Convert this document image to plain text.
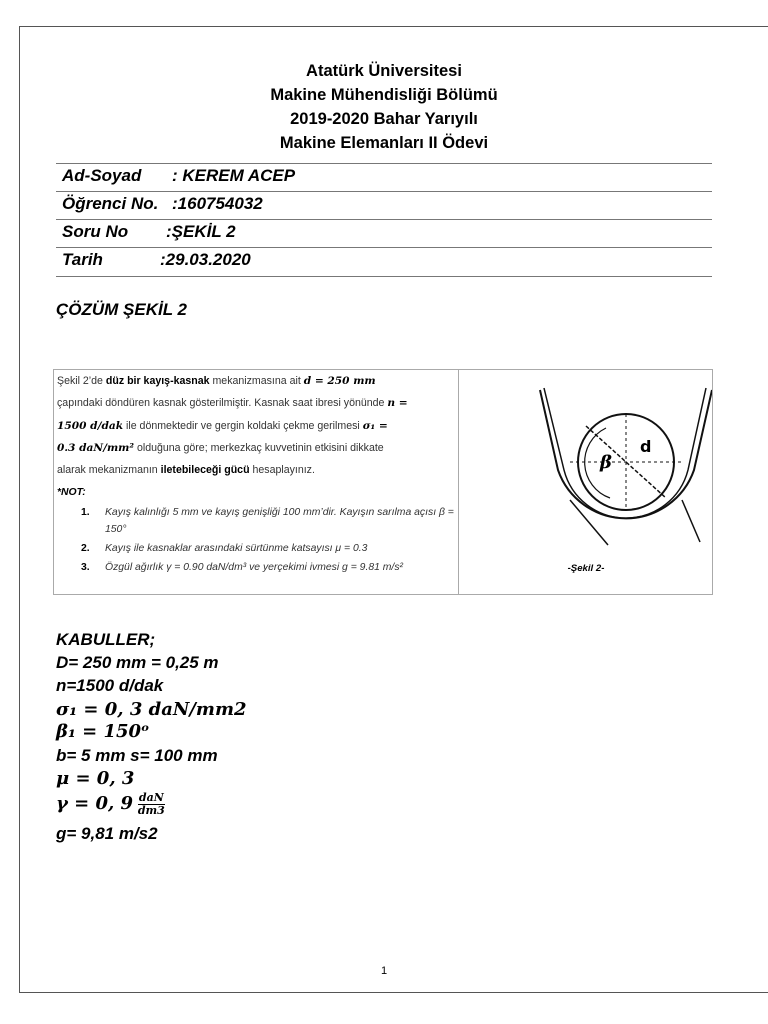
Atatürk Üniversitesi
Makine Mühendisliği Bölümü
2019-2020 Bahar Yarıyılı
Makine Elemanları II Ödevi
Ad-Soyad : KEREM ACEP
Öğrenci No. :160754032
Soru No :ŞEKİL 2
Tarih	:29.03.2020
ÇÖZÜM ŞEKİL 2
Şekil 2’de düz bir kayış-kasnak mekanizmasına ait d = 250 mm
çapındaki döndüren kasnak gösterilmiştir. Kasnak saat ibresi yönünde n =
1500 d/dak ile dönmektedir ve gergin koldaki çekme gerilmesi σ₁ =
0.3 daN/mm² olduğuna göre; merkezkaç kuvvetinin etkisini dikkate
alarak mekanizmanın iletebileceği gücü hesaplayınız.
*NOT:
1. Kayış kalınlığı 5 mm ve kayış genişliği 100 mm’dir. Kayışın sarılma açısı β = 150°
2. Kayış ile kasnaklar arasındaki sürtünme katsayısı μ = 0.3
3. Özgül ağırlık γ = 0.90 daN/dm³ ve yerçekimi ivmesi g = 9.81 m/s²
β
d
-Şekil 2-
KABULLER;
D= 250 mm = 0,25 m
n=1500 d/dak
σ₁ = 0, 3 daN/mm2
β₁ = 150ᵒ
b= 5 mm s= 100 mm
μ = 0, 3
γ = 0, $9 \frac{\text{daN}}{dm3}$
g= 9,81 m/s2
1
